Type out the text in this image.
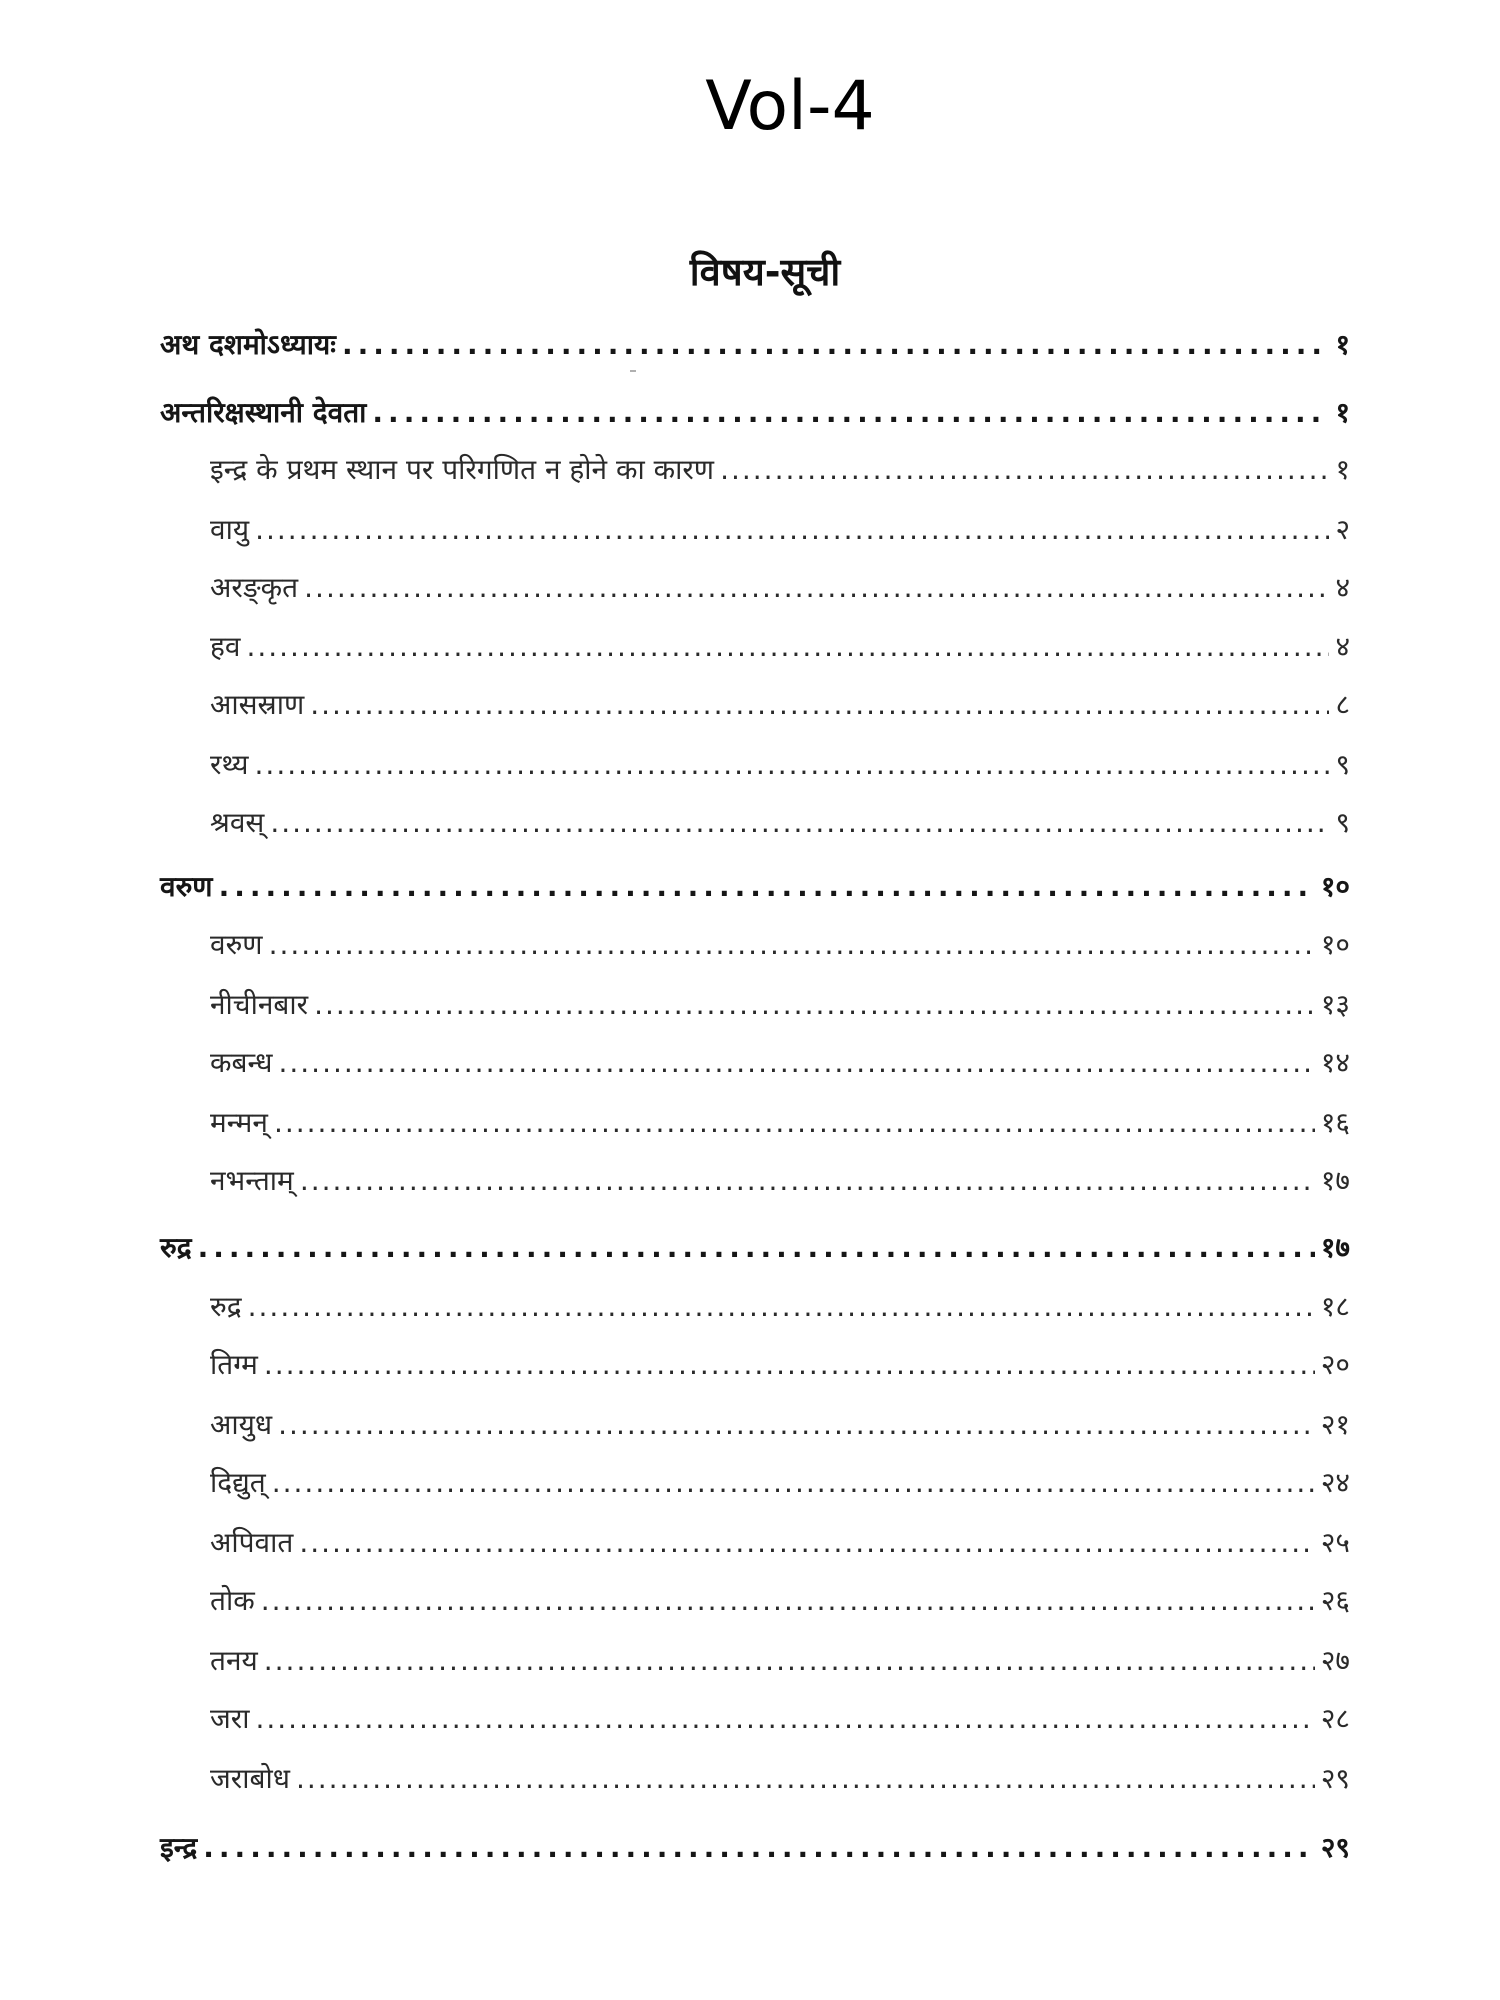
Vol-4
विषय-सूची
अथ दशमोऽध्यायः .....	१
अन्तरिक्षस्थानी देवता .....	१
इन्द्र के प्रथम स्थान पर परिगणित न होने का कारण .....	१
वायु .....	२
अरङ्कृत .....	४
हव .....	४
आसस्राण .....	८
रथ्य .....	९
श्रवस् .....	९
वरुण .....	१०
वरुण .....	१०
नीचीनबार .....	१३
कबन्ध .....	१४
मन्मन् .....	१६
नभन्ताम् .....	१७
रुद्र .....	१७
रुद्र .....	१८
तिग्म .....	२०
आयुध .....	२१
दिद्युत् .....	२४
अपिवात .....	२५
तोक .....	२६
तनय .....	२७
जरा .....	२८
जराबोध .....	२९
इन्द्र .....	२९
